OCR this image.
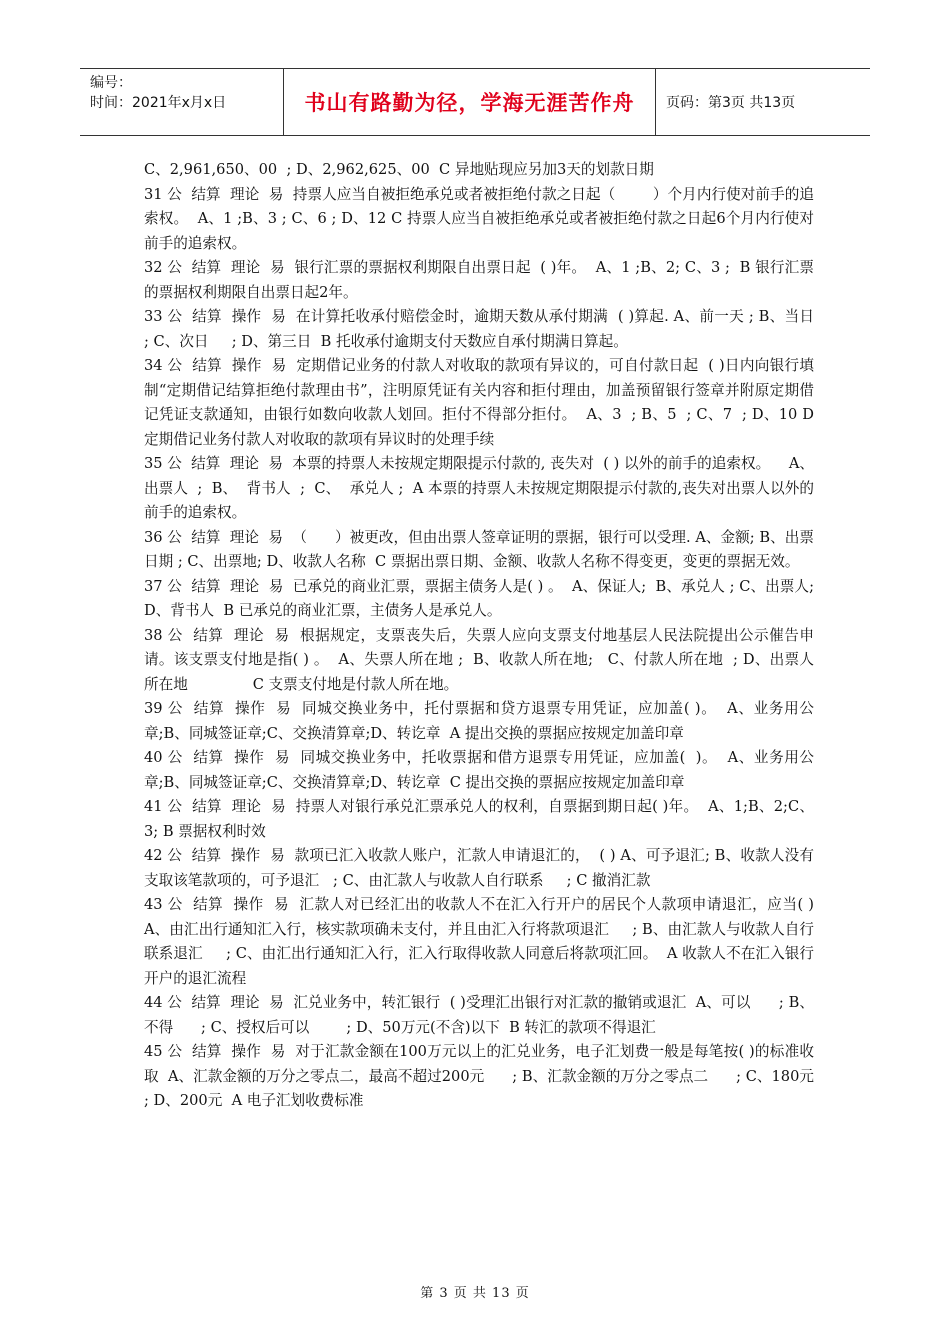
编号：
时间：2021年x月x日	书山有路勤为径，学海无涯苦作舟	页码：第3页 共13页

C、2,961,650、00  ; D、2,962,625、00  C 异地贴现应另加3天的划款日期

31 公  结算  理论  易  持票人应当自被拒绝承兑或者被拒绝付款之日起（        ）个月内行使对前手的追索权。  A、1 ;B、3 ; C、6 ; D、12 C 持票人应当自被拒绝承兑或者被拒绝付款之日起6个月内行使对前手的追索权。

32 公  结算  理论  易  银行汇票的票据权利期限自出票日起  ( )年。  A、1 ;B、2; C、3 ;  B 银行汇票的票据权利期限自出票日起2年。

33 公  结算  操作  易  在计算托收承付赔偿金时，逾期天数从承付期满  ( )算起. A、前一天 ; B、当日     ; C、次日     ; D、第三日  B 托收承付逾期支付天数应自承付期满日算起。

34 公  结算  操作  易  定期借记业务的付款人对收取的款项有异议的，可自付款日起  ( )日内向银行填制“定期借记结算拒绝付款理由书”，注明原凭证有关内容和拒付理由，加盖预留银行签章并附原定期借记凭证支款通知，由银行如数向收款人划回。拒付不得部分拒付。  A、3  ; B、5  ; C、7  ; D、10 D 定期借记业务付款人对收取的款项有异议时的处理手续

35 公  结算  理论  易  本票的持票人未按规定期限提示付款的, 丧失对  ( ) 以外的前手的追索权。    A、  出票人  ;  B、  背书人  ;  C、  承兑人 ;  A 本票的持票人未按规定期限提示付款的,丧失对出票人以外的前手的追索权。

36 公  结算  理论  易  （      ）被更改，但由出票人签章证明的票据，银行可以受理. A、金额; B、出票日期 ; C、出票地; D、收款人名称  C 票据出票日期、金额、收款人名称不得变更，变更的票据无效。

37 公  结算  理论  易  已承兑的商业汇票，票据主债务人是( ) 。  A、保证人;  B、承兑人 ; C、出票人;  D、背书人  B 已承兑的商业汇票，主债务人是承兑人。

38 公  结算  理论  易  根据规定，支票丧失后，失票人应向支票支付地基层人民法院提出公示催告申请。该支票支付地是指( ) 。  A、失票人所在地 ;  B、收款人所在地;   C、付款人所在地  ; D、出票人所在地              C 支票支付地是付款人所在地。

39 公  结算  操作  易  同城交换业务中，托付票据和贷方退票专用凭证，应加盖( )。  A、业务用公章;B、同城签证章;C、交换清算章;D、转讫章  A 提出交换的票据应按规定加盖印章

40 公  结算  操作  易  同城交换业务中，托收票据和借方退票专用凭证，应加盖(  )。  A、业务用公章;B、同城签证章;C、交换清算章;D、转讫章  C 提出交换的票据应按规定加盖印章

41 公  结算  理论  易  持票人对银行承兑汇票承兑人的权利，自票据到期日起( )年。  A、1;B、2;C、3; B 票据权利时效

42 公  结算  操作  易  款项已汇入收款人账户，汇款人申请退汇的，  ( ) A、可予退汇; B、收款人没有支取该笔款项的，可予退汇   ; C、由汇款人与收款人自行联系     ; C 撤消汇款

43 公  结算  操作  易  汇款人对已经汇出的收款人不在汇入行开户的居民个人款项申请退汇，应当( ) A、由汇出行通知汇入行，核实款项确未支付，并且由汇入行将款项退汇     ; B、由汇款人与收款人自行联系退汇     ; C、由汇出行通知汇入行，汇入行取得收款人同意后将款项汇回。  A 收款人不在汇入银行开户的退汇流程

44 公  结算  理论  易  汇兑业务中，转汇银行  ( )受理汇出银行对汇款的撤销或退汇  A、可以      ; B、不得      ; C、授权后可以        ; D、50万元(不含)以下  B 转汇的款项不得退汇

45 公  结算  操作  易  对于汇款金额在100万元以上的汇兑业务，电子汇划费一般是每笔按( )的标准收取  A、汇款金额的万分之零点二，最高不超过200元      ; B、汇款金额的万分之零点二      ; C、180元      ; D、200元  A 电子汇划收费标准

第 3 页 共 13 页
